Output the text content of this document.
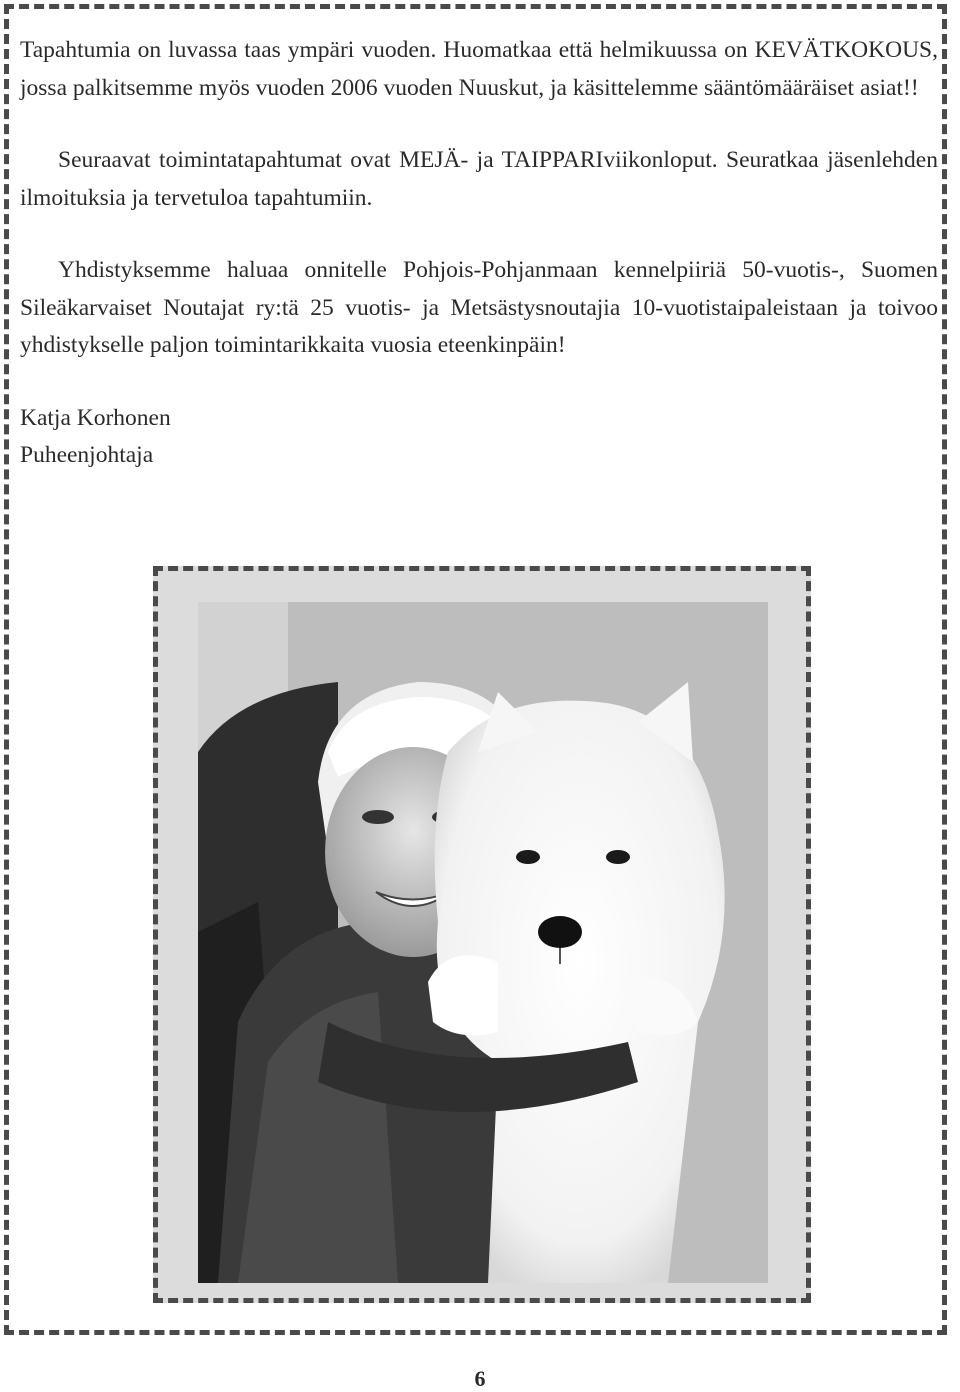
Tapahtumia on luvassa taas ympäri vuoden. Huomatkaa että helmikuussa on KEVÄTKOKOUS, jossa palkitsemme myös vuoden 2006 vuoden Nuuskut, ja käsittelemme sääntömääräiset asiat!!

Seuraavat toimintatapahtumat ovat MEJÄ- ja TAIPPARIviikonloput. Seuratkaa jäsenlehden ilmoituksia ja tervetuloa tapahtumiin.

Yhdistyksemme haluaa onnitelle Pohjois-Pohjanmaan kennelpiiriä 50-vuotis-, Suomen Sileäkarvaiset Noutajat ry:tä 25 vuotis- ja Metsästysnoutajia 10-vuotistaipaleistaan ja toivoo yhdistykselle paljon toimintarikkaita vuosia eteenkinpäin!

Katja Korhonen
Puheenjohtaja
6
